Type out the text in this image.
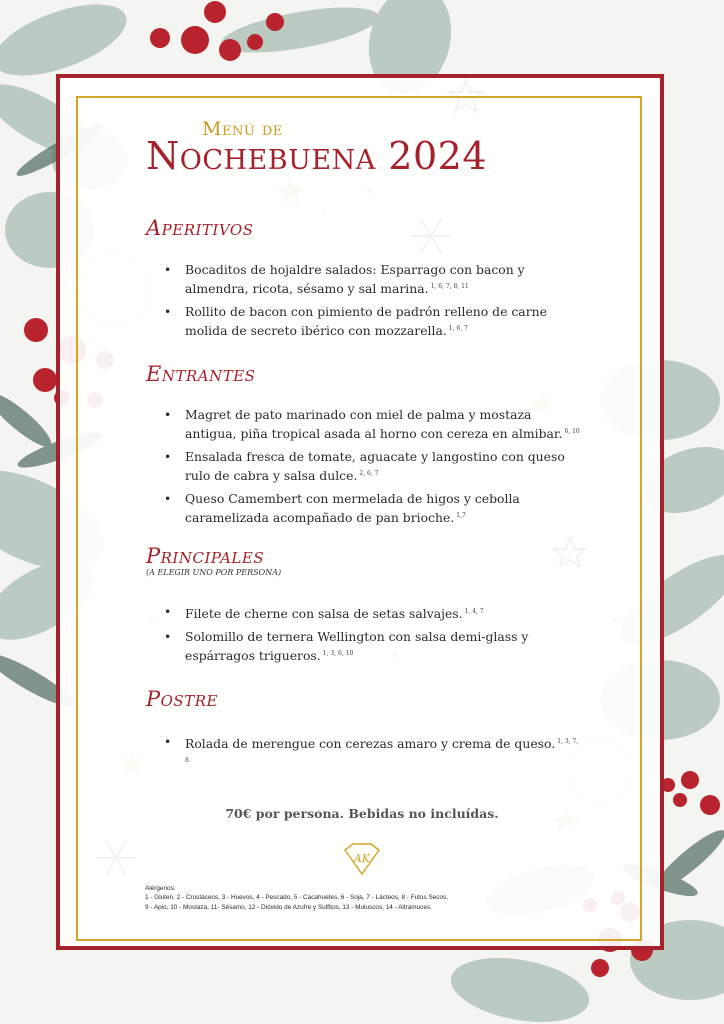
Menú de
Nochebuena 2024
Aperitivos
• Bocaditos de hojaldre salados: Esparrago con bacon y almendra, ricota, sésamo y sal marina. $^{1, 6, 7, 8, 11}$
• Rollito de bacon con pimiento de padrón relleno de carne molida de secreto ibérico con mozzarella. $^{1, 6, 7}$
Entrantes
• Magret de pato marinado con miel de palma y mostaza antigua, piña tropical asada al horno con cereza en almibar. $^{6, 10}$
• Ensalada fresca de tomate, aguacate y langostino con queso rulo de cabra y salsa dulce. $^{2, 6, 7}$
• Queso Camembert con mermelada de higos y cebolla caramelizada acompañado de pan brioche. $^{1,7}$
Principales
(A ELEGIR UNO POR PERSONA)
• Filete de cherne con salsa de setas salvajes. $^{1, 4, 7}$
• Solomillo de ternera Wellington con salsa demi-glass y espárragos trigueros. $^{1, 3, 6, 10}$
Postre
• Rolada de merengue con cerezas amaro y crema de queso. $^{1, 3, 7, 8}$
70€ por persona. Bebidas no incluídas.
AK
Alérgenos:
1 - Gluten, 2 - Crustáceos, 3 - Huevos, 4 - Pescado, 5 - Cacahuetes, 6 - Soja, 7 - Lácteos, 8 - Futos Secos,
9 - Apio, 10 - Mostaza, 11- Sésamo, 12 - Dióxido de Azufre y Sulfitos, 13 - Moluscos, 14 - Altramuces.
